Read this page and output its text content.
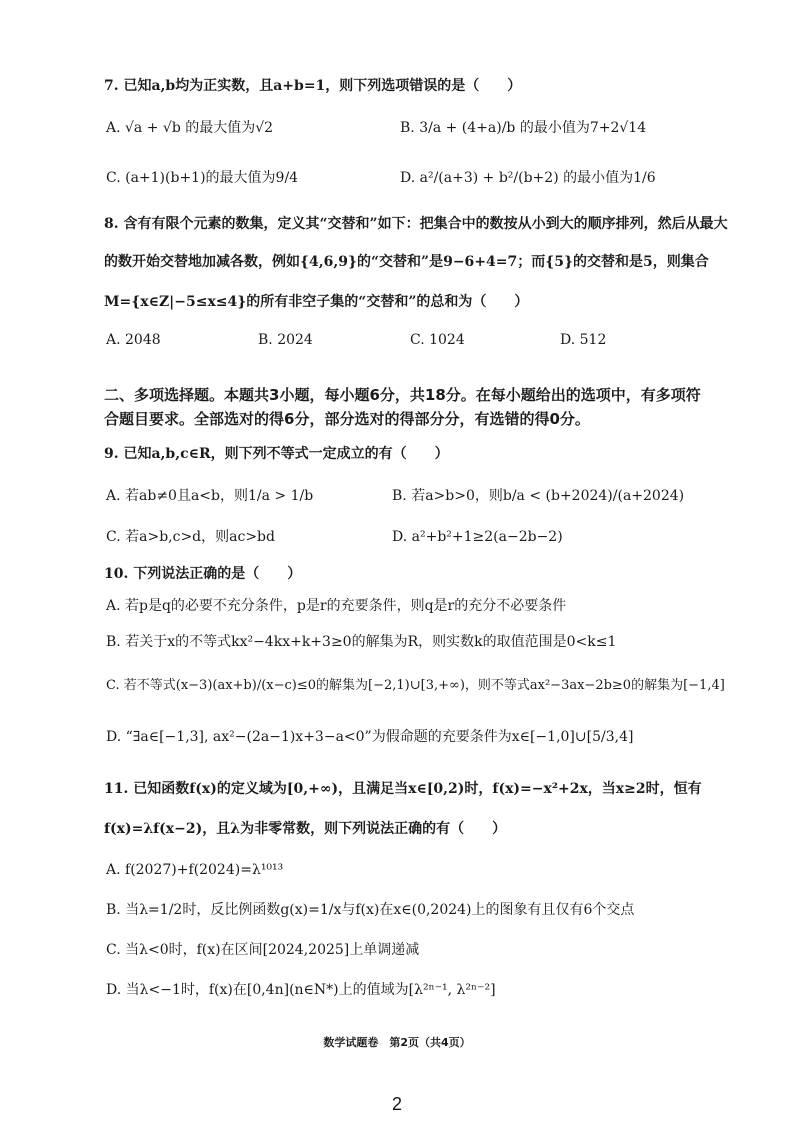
7. 已知a,b均为正实数，且a+b=1，则下列选项错误的是（　　）
A. √a + √b 的最大值为√2	B. 3/a + (4+a)/b 的最小值为7+2√14
C. (a+1)(b+1)的最大值为9/4	D. a²/(a+3) + b²/(b+2) 的最小值为1/6
8. 含有有限个元素的数集，定义其“交替和”如下：把集合中的数按从小到大的顺序排列，然后从最大
的数开始交替地加减各数，例如{4,6,9}的“交替和”是9−6+4=7；而{5}的交替和是5，则集合
M={x∈Z|−5≤x≤4}的所有非空子集的“交替和”的总和为（　　）
A. 2048	B. 2024	C. 1024	D. 512
二、多项选择题。本题共3小题，每小题6分，共18分。在每小题给出的选项中，有多项符
合题目要求。全部选对的得6分，部分选对的得部分分，有选错的得0分。
9. 已知a,b,c∈R，则下列不等式一定成立的有（　　）
A. 若ab≠0且a<b，则1/a > 1/b	B. 若a>b>0，则b/a < (b+2024)/(a+2024)
C. 若a>b,c>d，则ac>bd	D. a²+b²+1≥2(a−2b−2)
10. 下列说法正确的是（　　）
A. 若p是q的必要不充分条件，p是r的充要条件，则q是r的充分不必要条件
B. 若关于x的不等式kx²−4kx+k+3≥0的解集为R，则实数k的取值范围是0<k≤1
C. 若不等式(x−3)(ax+b)/(x−c)≤0的解集为[−2,1)∪[3,+∞)，则不等式ax²−3ax−2b≥0的解集为[−1,4]
D. “∃a∈[−1,3], ax²−(2a−1)x+3−a<0”为假命题的充要条件为x∈[−1,0]∪[5/3,4]
11. 已知函数f(x)的定义域为[0,+∞)，且满足当x∈[0,2)时，f(x)=−x²+2x，当x≥2时，恒有
f(x)=λf(x−2)，且λ为非零常数，则下列说法正确的有（　　）
A. f(2027)+f(2024)=λ¹⁰¹³
B. 当λ=1/2时，反比例函数g(x)=1/x与f(x)在x∈(0,2024)上的图象有且仅有6个交点
C. 当λ<0时，f(x)在区间[2024,2025]上单调递减
D. 当λ<−1时，f(x)在[0,4n](n∈N*)上的值域为[λ²ⁿ⁻¹, λ²ⁿ⁻²]
数学试题卷　第2页（共4页）
2
